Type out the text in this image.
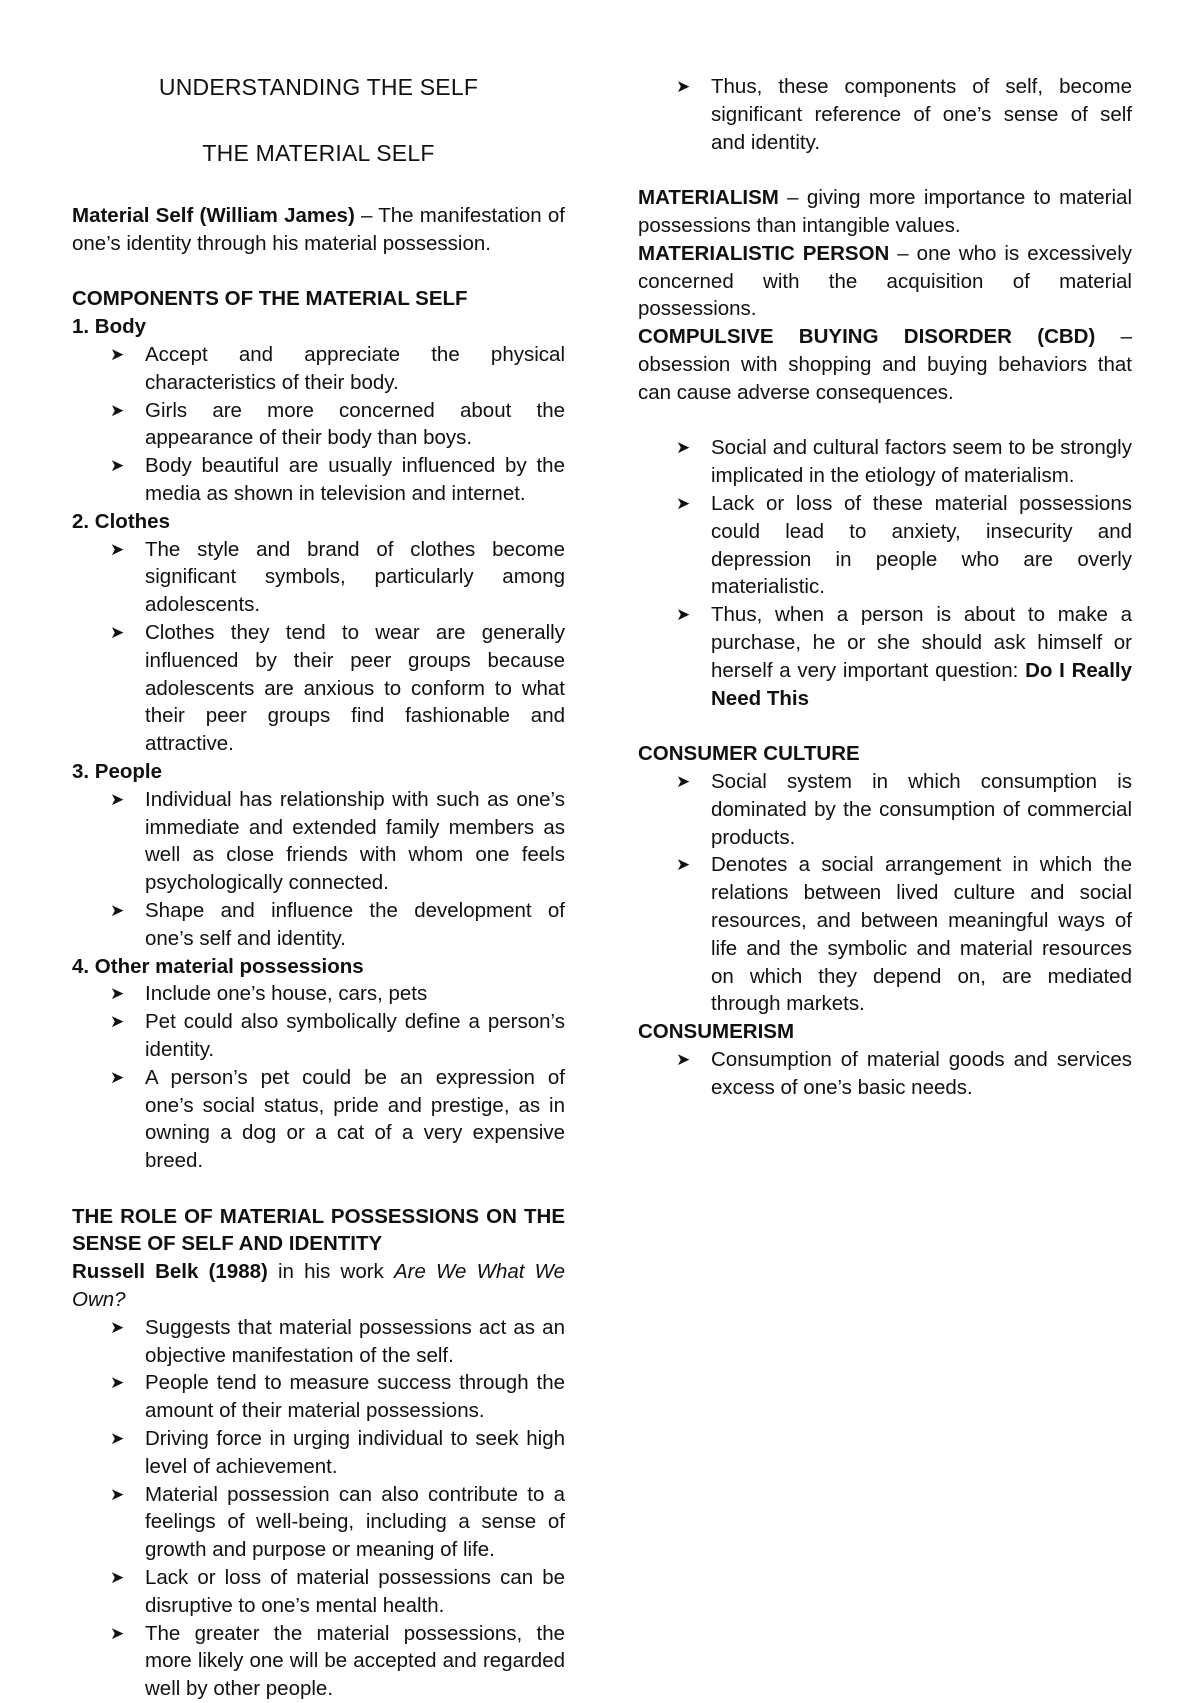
UNDERSTANDING THE SELF
THE MATERIAL SELF

Material Self (William James) – The manifestation of one’s identity through his material possession.

COMPONENTS OF THE MATERIAL SELF

1. Body

➤ Accept and appreciate the physical characteristics of their body.
➤ Girls are more concerned about the appearance of their body than boys.
➤ Body beautiful are usually influenced by the media as shown in television and internet.

2. Clothes

➤ The style and brand of clothes become significant symbols, particularly among adolescents.
➤ Clothes they tend to wear are generally influenced by their peer groups because adolescents are anxious to conform to what their peer groups find fashionable and attractive.

3. People

➤ Individual has relationship with such as one’s immediate and extended family members as well as close friends with whom one feels psychologically connected.
➤ Shape and influence the development of one’s self and identity.

4. Other material possessions

➤ Include one’s house, cars, pets
➤ Pet could also symbolically define a person’s identity.
➤ A person’s pet could be an expression of one’s social status, pride and prestige, as in owning a dog or a cat of a very expensive breed.

THE ROLE OF MATERIAL POSSESSIONS ON THE SENSE OF SELF AND IDENTITY

Russell Belk (1988) in his work Are We What We Own?

➤ Suggests that material possessions act as an objective manifestation of the self.
➤ People tend to measure success through the amount of their material possessions.
➤ Driving force in urging individual to seek high level of achievement.
➤ Material possession can also contribute to a feelings of well-being, including a sense of growth and purpose or meaning of life.
➤ Lack or loss of material possessions can be disruptive to one’s mental health.
➤ The greater the material possessions, the more likely one will be accepted and regarded well by other people.
➤ Thus, these components of self, become significant reference of one’s sense of self and identity.

MATERIALISM – giving more importance to material possessions than intangible values.

MATERIALISTIC PERSON – one who is excessively concerned with the acquisition of material possessions.

COMPULSIVE BUYING DISORDER (CBD) – obsession with shopping and buying behaviors that can cause adverse consequences.

➤ Social and cultural factors seem to be strongly implicated in the etiology of materialism.
➤ Lack or loss of these material possessions could lead to anxiety, insecurity and depression in people who are overly materialistic.
➤ Thus, when a person is about to make a purchase, he or she should ask himself or herself a very important question: Do I Really Need This

CONSUMER CULTURE

➤ Social system in which consumption is dominated by the consumption of commercial products.
➤ Denotes a social arrangement in which the relations between lived culture and social resources, and between meaningful ways of life and the symbolic and material resources on which they depend on, are mediated through markets.

CONSUMERISM

➤ Consumption of material goods and services excess of one’s basic needs.
